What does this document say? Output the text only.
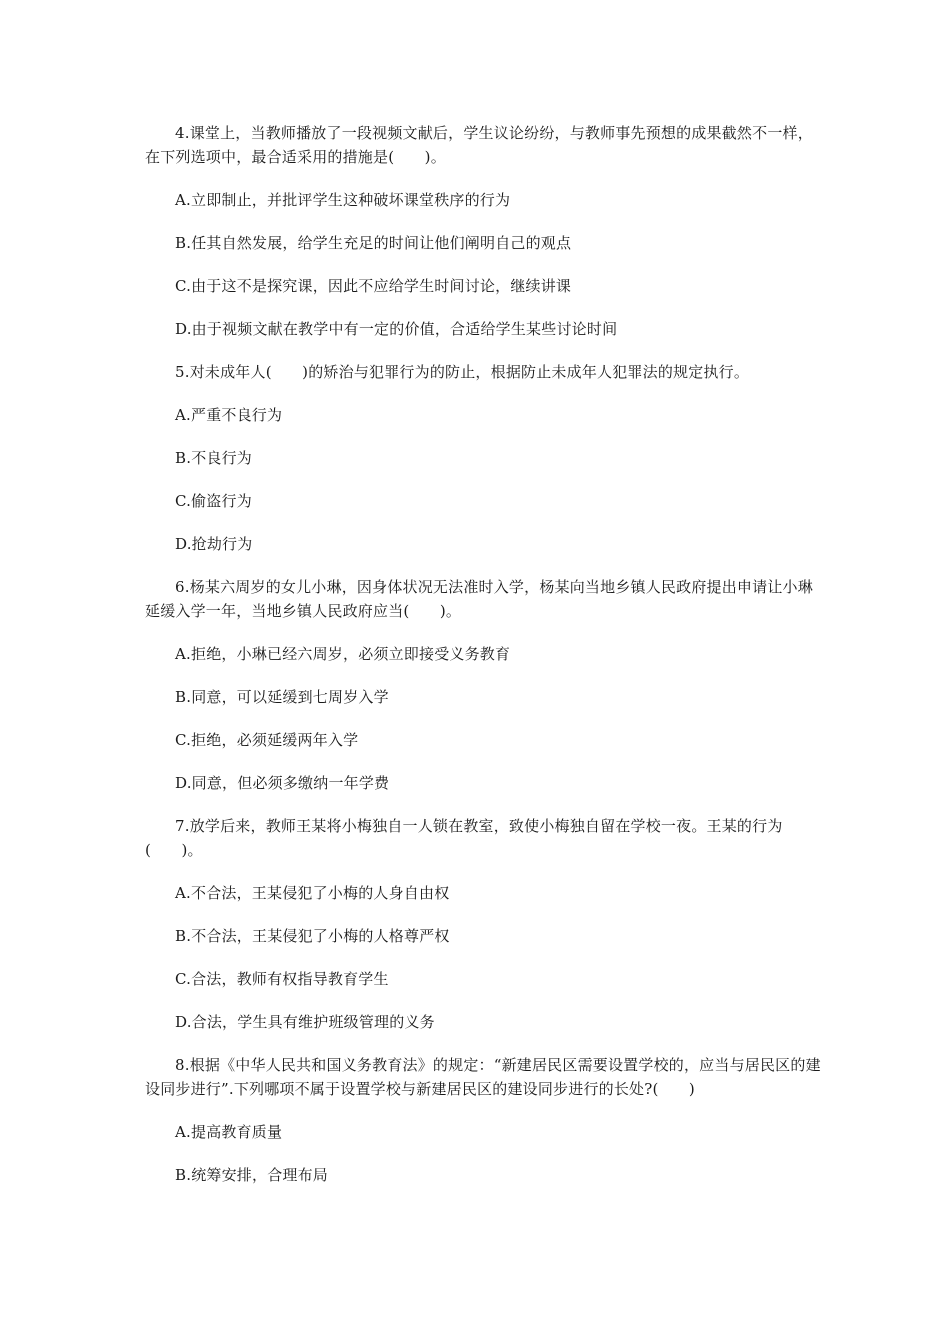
4.课堂上，当教师播放了一段视频文献后，学生议论纷纷，与教师事先预想的成果截然不一样，在下列选项中，最合适采用的措施是(　　)。

A.立即制止，并批评学生这种破坏课堂秩序的行为

B.任其自然发展，给学生充足的时间让他们阐明自己的观点

C.由于这不是探究课，因此不应给学生时间讨论，继续讲课

D.由于视频文献在教学中有一定的价值，合适给学生某些讨论时间

5.对未成年人(　　)的矫治与犯罪行为的防止，根据防止未成年人犯罪法的规定执行。

A.严重不良行为

B.不良行为

C.偷盗行为

D.抢劫行为

6.杨某六周岁的女儿小琳，因身体状况无法准时入学，杨某向当地乡镇人民政府提出申请让小琳延缓入学一年，当地乡镇人民政府应当(　　)。

A.拒绝，小琳已经六周岁，必须立即接受义务教育

B.同意，可以延缓到七周岁入学

C.拒绝，必须延缓两年入学

D.同意，但必须多缴纳一年学费

7.放学后来，教师王某将小梅独自一人锁在教室，致使小梅独自留在学校一夜。王某的行为(　　)。

A.不合法，王某侵犯了小梅的人身自由权

B.不合法，王某侵犯了小梅的人格尊严权

C.合法，教师有权指导教育学生

D.合法，学生具有维护班级管理的义务

8.根据《中华人民共和国义务教育法》的规定：“新建居民区需要设置学校的，应当与居民区的建设同步进行”.下列哪项不属于设置学校与新建居民区的建设同步进行的长处?(　　)

A.提高教育质量

B.统筹安排，合理布局
